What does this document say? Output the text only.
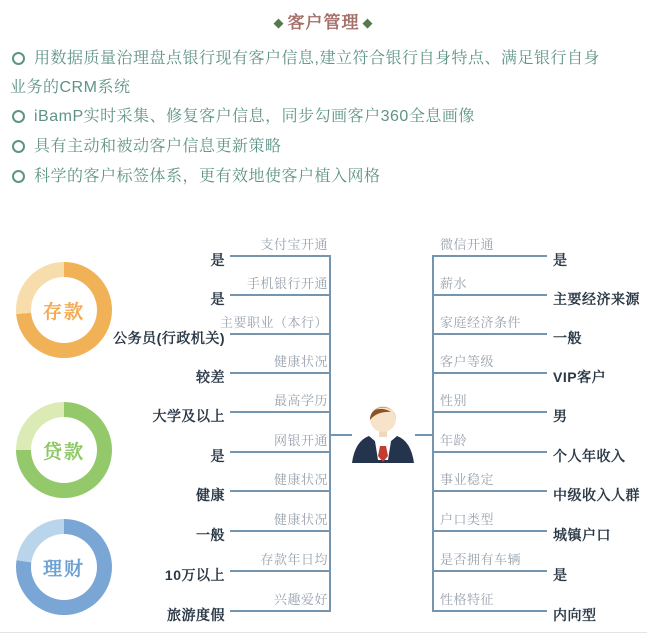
◆ 客户管理 ◆
用数据质量治理盘点银行现有客户信息,建立符合银行自身特点、满足银行自身
业务的CRM系统
iBamP实时采集、修复客户信息，同步勾画客户360全息画像
具有主动和被动客户信息更新策略
科学的客户标签体系，更有效地使客户植入网格
存款
贷款
理财
支付宝开通
是
微信开通
是
手机银行开通
是
薪水
主要经济来源
主要职业（本行）
公务员(行政机关)
家庭经济条件
一般
健康状况
较差
客户等级
VIP客户
最高学历
大学及以上
性别
男
网银开通
是
年龄
个人年收入
健康状况
健康
事业稳定
中级收入人群
健康状况
一般
户口类型
城镇户口
存款年日均
10万以上
是否拥有车辆
是
兴趣爱好
旅游度假
性格特征
内向型
